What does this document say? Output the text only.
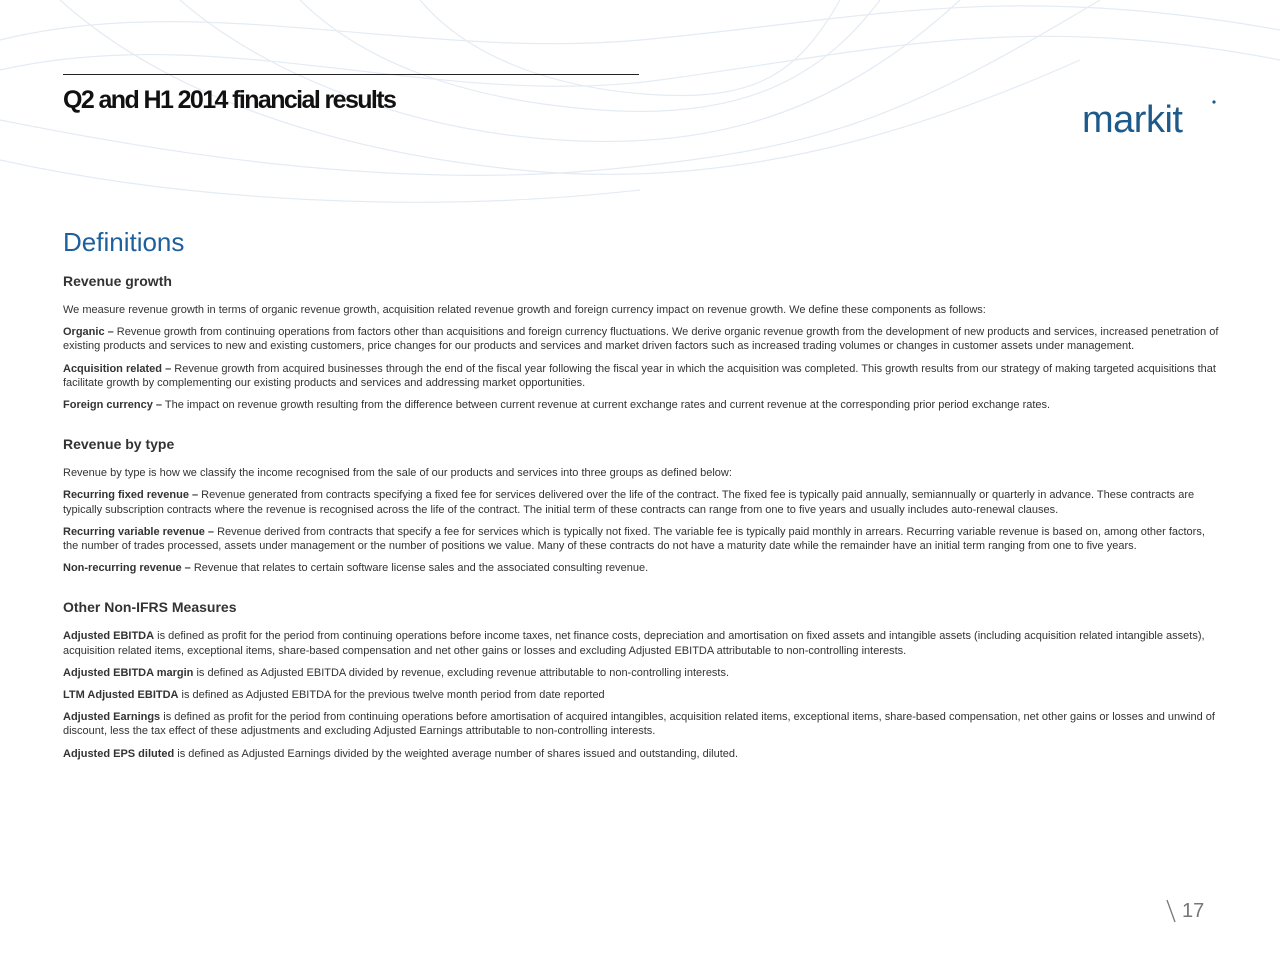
Q2 and H1 2014 financial results	markit
Definitions
Revenue growth

We measure revenue growth in terms of organic revenue growth, acquisition related revenue growth and foreign currency impact on revenue growth. We define these components as follows:

Organic – Revenue growth from continuing operations from factors other than acquisitions and foreign currency fluctuations. We derive organic revenue growth from the development of new products and services, increased penetration of existing products and services to new and existing customers, price changes for our products and services and market driven factors such as increased trading volumes or changes in customer assets under management.

Acquisition related – Revenue growth from acquired businesses through the end of the fiscal year following the fiscal year in which the acquisition was completed. This growth results from our strategy of making targeted acquisitions that facilitate growth by complementing our existing products and services and addressing market opportunities.

Foreign currency – The impact on revenue growth resulting from the difference between current revenue at current exchange rates and current revenue at the corresponding prior period exchange rates.

Revenue by type

Revenue by type is how we classify the income recognised from the sale of our products and services into three groups as defined below:

Recurring fixed revenue – Revenue generated from contracts specifying a fixed fee for services delivered over the life of the contract. The fixed fee is typically paid annually, semiannually or quarterly in advance. These contracts are typically subscription contracts where the revenue is recognised across the life of the contract. The initial term of these contracts can range from one to five years and usually includes auto-renewal clauses.

Recurring variable revenue – Revenue derived from contracts that specify a fee for services which is typically not fixed. The variable fee is typically paid monthly in arrears. Recurring variable revenue is based on, among other factors, the number of trades processed, assets under management or the number of positions we value. Many of these contracts do not have a maturity date while the remainder have an initial term ranging from one to five years.

Non-recurring revenue – Revenue that relates to certain software license sales and the associated consulting revenue.

Other Non-IFRS Measures

Adjusted EBITDA is defined as profit for the period from continuing operations before income taxes, net finance costs, depreciation and amortisation on fixed assets and intangible assets (including acquisition related intangible assets), acquisition related items, exceptional items, share-based compensation and net other gains or losses and excluding Adjusted EBITDA attributable to non-controlling interests.

Adjusted EBITDA margin is defined as Adjusted EBITDA divided by revenue, excluding revenue attributable to non-controlling interests.

LTM Adjusted EBITDA is defined as Adjusted EBITDA for the previous twelve month period from date reported

Adjusted Earnings is defined as profit for the period from continuing operations before amortisation of acquired intangibles, acquisition related items, exceptional items, share-based compensation, net other gains or losses and unwind of discount, less the tax effect of these adjustments and excluding Adjusted Earnings attributable to non-controlling interests.

Adjusted EPS diluted is defined as Adjusted Earnings divided by the weighted average number of shares issued and outstanding, diluted.

17
